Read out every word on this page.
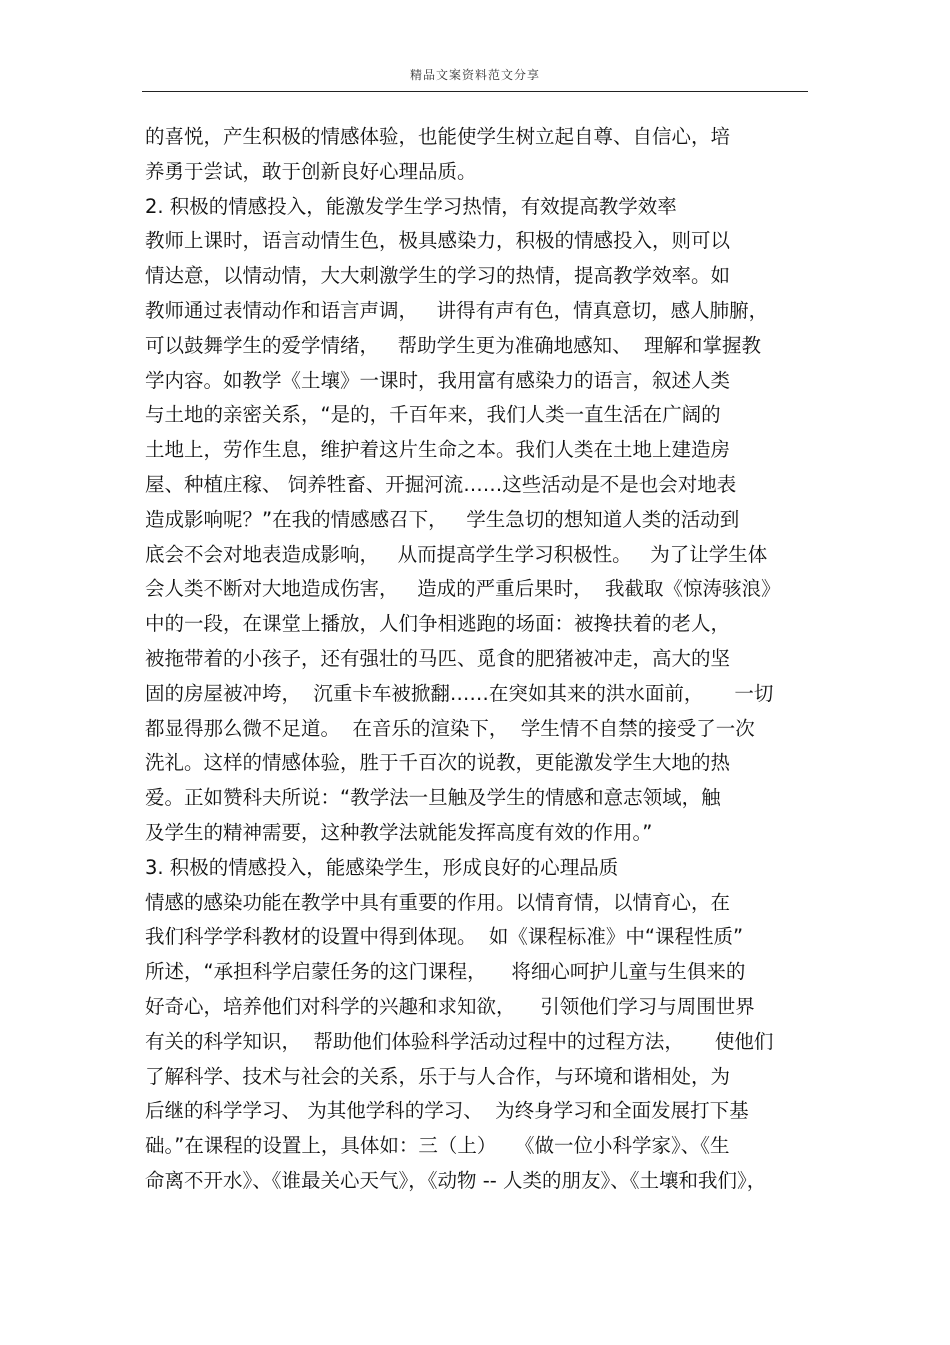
精品文案资料范文分享
的喜悦，产生积极的情感体验，也能使学生树立起自尊、自信心，培
养勇于尝试，敢于创新良好心理品质。
2. 积极的情感投入，能激发学生学习热情，有效提高教学效率
教师上课时，语言动情生色，极具感染力，积极的情感投入，则可以
情达意，以情动情，大大刺激学生的学习的热情，提高教学效率。如
教师通过表情动作和语言声调，   讲得有声有色，情真意切，感人肺腑，
可以鼓舞学生的爱学情绪，   帮助学生更为准确地感知、  理解和掌握教
学内容。如教学《土壤》一课时，我用富有感染力的语言，叙述人类
与土地的亲密关系，“是的，千百年来，我们人类一直生活在广阔的
土地上，劳作生息，维护着这片生命之本。我们人类在土地上建造房
屋、种植庄稼、 饲养牲畜、开掘河流……这些活动是不是也会对地表
造成影响呢？”在我的情感感召下，   学生急切的想知道人类的活动到
底会不会对地表造成影响，   从而提高学生学习积极性。   为了让学生体
会人类不断对大地造成伤害，   造成的严重后果时，  我截取《惊涛骇浪》
中的一段，在课堂上播放，人们争相逃跑的场面：被搀扶着的老人，
被拖带着的小孩子，还有强壮的马匹、觅食的肥猪被冲走，高大的坚
固的房屋被冲垮，  沉重卡车被掀翻……在突如其来的洪水面前，     一切
都显得那么微不足道。  在音乐的渲染下，  学生情不自禁的接受了一次
洗礼。这样的情感体验，胜于千百次的说教，更能激发学生大地的热
爱。正如赞科夫所说：“教学法一旦触及学生的情感和意志领域，触
及学生的精神需要，这种教学法就能发挥高度有效的作用。”
3. 积极的情感投入，能感染学生，形成良好的心理品质
情感的感染功能在教学中具有重要的作用。以情育情，以情育心，在
我们科学学科教材的设置中得到体现。  如《课程标准》中“课程性质”
所述，“承担科学启蒙任务的这门课程，    将细心呵护儿童与生俱来的
好奇心，培养他们对科学的兴趣和求知欲，    引领他们学习与周围世界
有关的科学知识，  帮助他们体验科学活动过程中的过程方法，     使他们
了解科学、技术与社会的关系，乐于与人合作，与环境和谐相处，为
后继的科学学习、 为其他学科的学习、  为终身学习和全面发展打下基
础。”在课程的设置上，具体如：三（上）   《做一位小科学家》、《生
命离不开水》、《谁最关心天气》，《动物 -- 人类的朋友》、《土壤和我们》，
